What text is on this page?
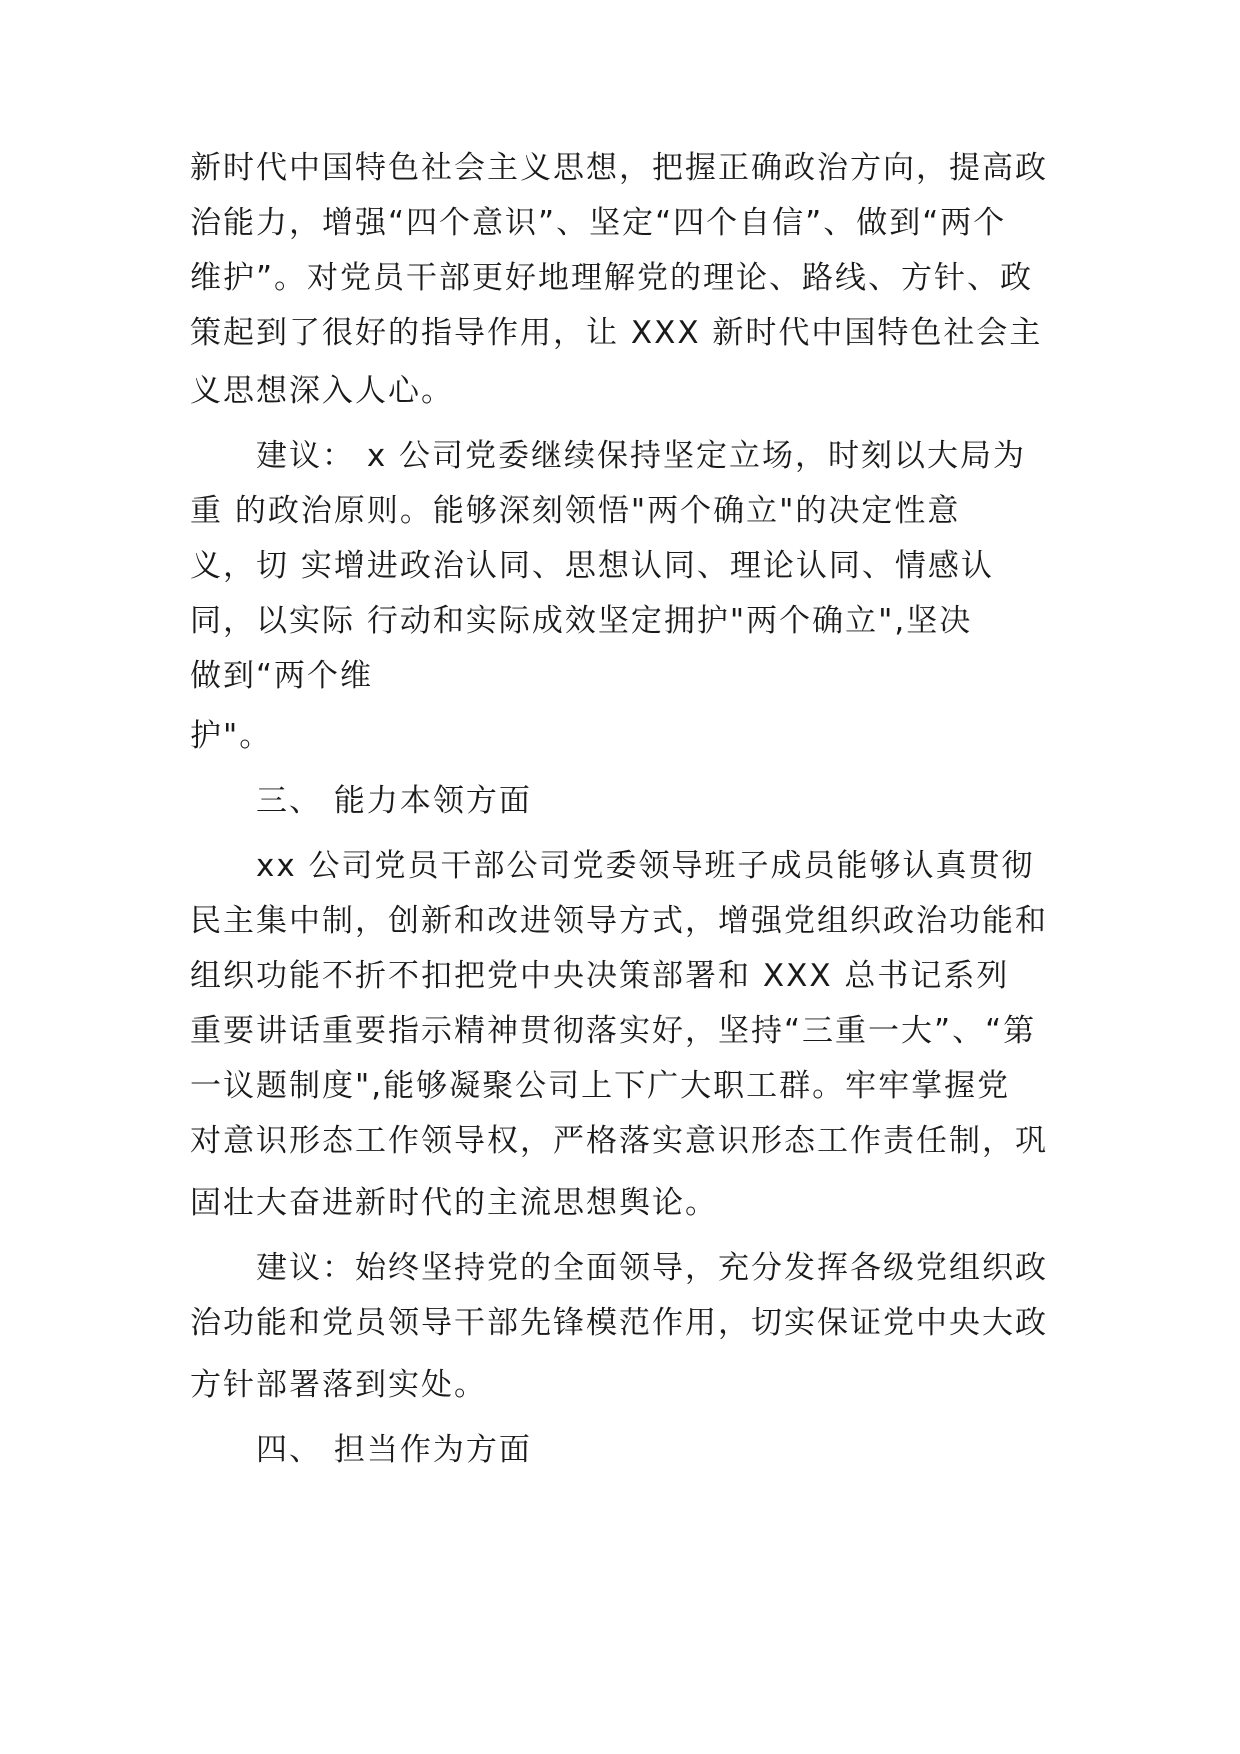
新时代中国特色社会主义思想，把握正确政治方向，提高政

治能力，增强“四个意识”、坚定“四个自信”、做到“两个

维护”。对党员干部更好地理解党的理论、路线、方针、政

策起到了很好的指导作用，让 XXX 新时代中国特色社会主

义思想深入人心。

建议： x 公司党委继续保持坚定立场，时刻以大局为

重 的政治原则。能够深刻领悟"两个确立"的决定性意

义，切 实增进政治认同、思想认同、理论认同、情感认

同，以实际 行动和实际成效坚定拥护"两个确立",坚决

做到“两个维

护"。

三、 能力本领方面

xx 公司党员干部公司党委领导班子成员能够认真贯彻

民主集中制，创新和改进领导方式，增强党组织政治功能和

组织功能不折不扣把党中央决策部署和 XXX 总书记系列

重要讲话重要指示精神贯彻落实好，坚持“三重一大”、“第

一议题制度",能够凝聚公司上下广大职工群。牢牢掌握党

对意识形态工作领导权，严格落实意识形态工作责任制，巩

固壮大奋进新时代的主流思想舆论。

建议：始终坚持党的全面领导，充分发挥各级党组织政

治功能和党员领导干部先锋模范作用，切实保证党中央大政

方针部署落到实处。

四、 担当作为方面
